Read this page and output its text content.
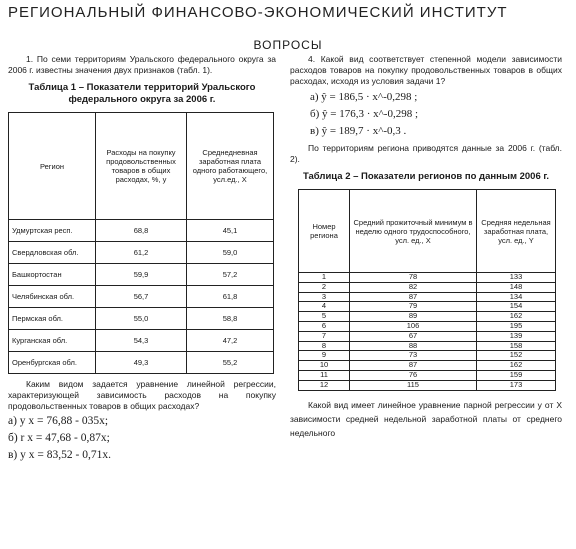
РЕГИОНАЛЬНЫЙ ФИНАНСОВО-ЭКОНОМИЧЕСКИЙ ИНСТИТУТ
ВОПРОСЫ

1. По семи территориям Уральского федерального округа за 2006 г. известны значения двух признаков (табл. 1).

Таблица 1 – Показатели территорий Уральского федерального округа за 2006 г.
Регион	Расходы на покупку продовольственных товаров в общих расходах, %, y	Среднедневная заработная плата одного работающего, усл.ед., X
Удмуртская респ.	68,8	45,1
Свердловская обл.	61,2	59,0
Башкортостан	59,9	57,2
Челябинская обл.	56,7	61,8
Пермская обл.	55,0	58,8
Курганская обл.	54,3	47,2
Оренбургская обл.	49,3	55,2

Каким видом задается уравнение линейной регрессии, характеризующей зависимость расходов на покупку продовольственных товаров в общих расходах?

а) y x = 76,88 - 035x;
б) r x = 47,68 - 0,87x;
в) y x = 83,52 - 0,71x.

4. Какой вид соответствует степенной модели зависимости расходов товаров на покупку продовольственных товаров в общих расходах, исходя из условия задачи 1?

а) ŷ = 186,5 · x^-0,298 ;
б) ŷ = 176,3 · x^-0,298 ;
в) ŷ = 189,7 · x^-0,3 .

По территориям региона приводятся данные за 2006 г. (табл. 2).

Таблица 2 – Показатели регионов по данным 2006 г.
Номер региона	Средний прожиточный минимум в неделю одного трудоспособного, усл. ед., X	Средняя недельная заработная плата, усл. ед., Y
1	78	133
2	82	148
3	87	134
4	79	154
5	89	162
6	106	195
7	67	139
8	88	158
9	73	152
10	87	162
11	76	159
12	115	173

Какой вид имеет линейное уравнение парной регрессии y от X зависимости средней недельной заработной платы от среднего недельного
